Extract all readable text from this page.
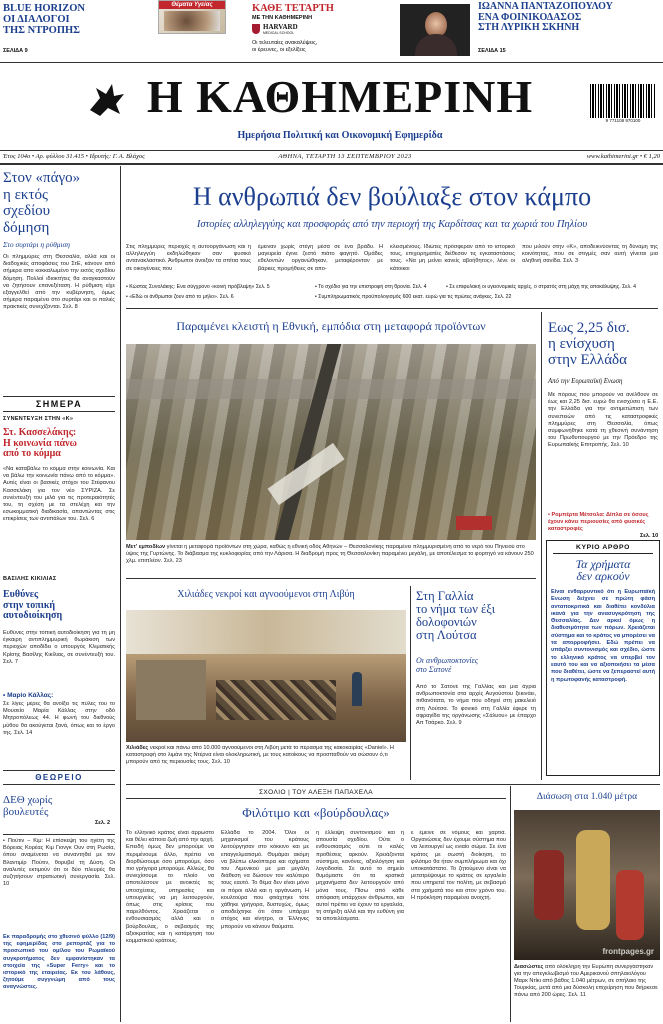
BLUE HORIZON
ΟΙ ΔΙΑΛΟΓΟΙ
ΤΗΣ ΝΤΡΟΠΗΣ
ΣΕΛΙΔΑ 9
Θέματα Υγείας	ΚΑΘΕ ΤΕΤΑΡΤΗ
ΜΕ ΤΗΝ ΚΑΘΗΜΕΡΙΝΗ
HARVARD
MEDICAL SCHOOL
Οι τελευταίες ανακαλύψεις,
οι έρευνες, οι εξελίξεις
ΙΩΑΝΝΑ ΠΑΝΤΑΖΟΠΟΥΛΟΥ
ΕΝΑ ΦΟΙΝΙΚΟΔΑΣΟΣ
ΣΤΗ ΛΥΡΙΚΗ ΣΚΗΝΗ
ΣΕΛΙΔΑ 15
Η ΚΑΘΗΜΕΡΙΝΗ
Ημερήσια Πολιτική και Οικονομική Εφημερίδα
9 771108 970100
Έτος 104ο • Αρ. φύλλου 31.415 • Ιδρυτής: Γ. Α. Βλάχος	ΑΘΗΝΑ, ΤΕΤΑΡΤΗ 13 ΣΕΠΤΕΜΒΡΙΟΥ 2023	www.kathimerini.gr • € 1,20
Στον «πάγο»
η εκτός
σχεδίου
δόμηση
Στο συρτάρι η ρύθμιση
Οι πλημμύρες στη Θεσσαλία, αλλά και οι διαδοχικές αποφάσεις του ΣτΕ, κάνουν από σήμερα απο κοκκαλωμένο την εκτός σχεδίου δόμηση. Πολλοί ιδιοκτήτες θα αναγκαστούν να ζητήσουν επανεξέταση. Η ρύθμιση είχε εξαγγελθεί από την κυβέρνηση, όμως σήμερα παραμένει στο συρτάρι και οι παλιές πρακτικές συνεχίζονται. Σελ. 8
ΣΗΜΕΡΑ
ΣΥΝΕΝΤΕΥΞΗ ΣΤΗΝ «Κ»
Στ. Κασσελάκης:
Η κοινωνία πάνω
από το κόμμα
«Να καταβάλω το κόμμα στην κοινωνία. Και να βάλω την κοινωνία πάνω από το κόμμα». Αυτές είναι οι βασικές στόχοι του Στέφανου Κασσελάκη για τον νέο ΣΥΡΙΖΑ. Σε συνέντευξή του μιλά για τις προτεραιότητές του, τη σχέση με τα στελέχη και την εσωκομματική διαδικασία, απαντώντας στις επικρίσεις των αντιπάλων του. Σελ. 6
ΒΑΣΙΛΗΣ ΚΙΚΙΛΙΑΣ
Ευθύνες
στην τοπική
αυτοδιοίκηση
Ευθύνες στην τοπική αυτοδιοίκηση για τη μη έγκαιρη αντιπλημμυρική θωράκιση των περιοχών αποδίδει ο υπουργός Κλιματικής Κρίσης Βασίλης Κικίλιας, σε συνέντευξή του. Σελ. 7
• Μαρίο Κάλλας:
Σε λίγες μέρες θα ανοίξει τις πύλες του το Μουσείο Μαρία Κάλλας στην οδό Μητροπόλεως 44. Η φωνή του διεθνούς μύθου θα ακούγεται ξανά, όπως και το έργο της. Σελ. 14
ΘΕΩΡΕΙΟ
ΔΕΘ χωρίς
βουλευτές
Σελ. 2
• Πούτιν – Κιμ: Η επίσκεψη του ηγέτη της Βόρειας Κορέας Κιμ Γιονγκ Ουν στη Ρωσία, όπου αναμένεται να συναντηθεί με τον Βλαντιμίρ Πούτιν, θορυβεί τη Δύση. Οι αναλυτές εκτιμούν ότι οι δύο πλευρές θα συζητήσουν στρατιωτική συνεργασία. Σελ. 10
Εκ παραδρομής στο χθεσινό φύλλο (12/9) της εφημερίδας στο ρεπορτάζ για το προσωπικό του ομίλου του Ρωμαϊκού συγκροτήματος δεν εμφανίστηκαν τα στοιχεία της «Super Ferry» και το ιστορικό της εταιρείας. Εκ του λάθους, ζητούμε συγγνώμη από τους αναγνώστες.
Η ανθρωπιά δεν βούλιαξε στον κάμπο
Ιστορίες αλληλεγγύης και προσφοράς από την περιοχή της Καρδίτσας και τα χωριά του Πηλίου
Στις πλημμύρες περιοχές η αυτοοργάνωση και η αλληλεγγύη εκδηλώθηκαν σαν φυσικό αντανακλαστικό. Άνθρωποι άνοιξαν τα σπίτια τους σε οικογένειες που
έμειναν χωρίς στέγη μέσα σε ένα βράδυ. Η μαγειρεία έγινε ζεστό πιάτο φαγητό. Ομάδες εθελοντών οργανώθηκαν, μεταφέρονταν με βάρκες προμήθειες σε απο-
κλεισμένους. Ιδιώτες πρόσφεραν από το ιστορικό τους, επιχειρηματίες διέθεσαν τις εγκαταστάσεις τους. «Να μη μείνει κανείς αβοήθητος», λένε οι κάτοικοι
που μιλούν στην «Κ», αποδεικνύοντας τη δύναμη της κοινότητας, που σε στιγμές σαν αυτή γίνεται μια αληθινή σανίδα. Σελ. 3
• Κώστας Συνολάκης: Ενα σύγχρονο «κοινή πρόβλεψη» Σελ. 5	• Το σχέδιο για την επιστροφή στη θρονία. Σελ. 4	• Σε επιφυλακή οι υγειονομικές αρχές, ο στρατός στη μάχη της αποκάλυψης. Σελ. 4
• «Εδώ οι άνθρωποι ζουν από το μήλο». Σελ. 6	• Συμπληρωματικός προϋπολογισμός 600 εκατ. ευρώ για τις πρώτες ανάγκες. Σελ. 22
Παραμένει κλειστή η Εθνική, εμπόδια στη μεταφορά προϊόντων
Μετ' εμποδίων γίνεται η μεταφορά προϊόντων στη χώρα, καθώς η εθνική οδός Αθηνών – Θεσσαλονίκης παραμένει πλημμυρισμένη από το νερό του Πηνειού στο ύψος της Γυρτώνης. Το διάβασμα της κυκλοφορίας από την Λάρισα. Η διαδρομή προς τη Θεσσαλονίκη παραμένει μεγάλη, με αποτέλεσμα το φορτηγό να κάνουν 250 χλμ. επιπλέον. Σελ. 23
Χιλιάδες νεκροί και αγνοούμενοι στη Λιβύη
Χιλιάδες νεκροί και πάνω από 10.000 αγνοούμενοι στη Λιβύη μετά το πέρασμα της κακοκαιρίας «Daniel». Η καταστροφή στο λιμάνι της Ντέρνα είναι ολοκληρωτική, με τους κατοίκους να προσπαθούν να σώσουν ό,τι μπορούν από τις περιουσίες τους. Σελ. 10
Στη Γαλλία
το νήμα των έξι
δολοφονιών
στη Λούτσα
Οι ανθρωποκτονίες
στο Σατονέ
Από το Σατονέ της Γαλλίας και μια άγρια ανθρωποκτονία στα αρχές Αυγούστου ξεκινάει, πιθανότατα, το νήμα που οδηγεί στη μακελειό στη Λούτσα. Το φονικό στη Γαλλία έφερε τη σφραγίδα της οργάνωσης «Σάλυου» με έπαρχο Απ Τσάρκο. Σελ. 9
Εως 2,25 δισ.
η ενίσχυση
στην Ελλάδα
Από την Ευρωπαϊκή Ενωση
Με πόρους που μπορούν να ανέλθουν σε έως και 2,25 δισ. ευρώ θα ενισχύσει η Ε.Ε. την Ελλάδα για την αντιμετώπιση των συνεπειών από τις καταστροφικές πλημμύρες στη Θεσσαλία, όπως συμφωνήθηκε κατά τη χθεσινή συνάντηση του Πρωθυπουργού με την Πρόεδρο της Ευρωπαϊκής Επιτροπής. Σελ. 10
• Ρομπέρτα Μέτσολα: Δίπλα σε όσους έχουν κάνει περιουσίες από φυσικές καταστροφές
Σελ. 10
ΚΥΡΙΟ ΑΡΘΡΟ
Τα χρήματα
δεν αρκούν
Είναι ενθαρρυντικό ότι η Ευρωπαϊκή Ενωση δείχνει σε πρώτη φάση ανταποκριτικά και διαθέτει κονδύλια ικανά για την ανασυγκρότηση της Θεσσαλίας. Δεν αρκεί όμως η διαθεσιμότητα των πόρων. Χρειάζεται σύστημα και το κράτος να μπορέσει να τα απορροφήσει. Εδώ πρέπει να υπάρξει συντονισμός και σχέδιο, ώστε το ελληνικό κράτος να υπερβεί τον εαυτό του και να αξιοποιήσει τα μέσα που διαθέτει, ώστε να ξεπεραστεί αυτή η πρωτοφανής καταστροφή.
ΣΧΟΛΙΟ | ΤΟΥ ΑΛΕΞΗ ΠΑΠΑΧΕΛΑ
Φιλότιμο και «βούρδουλας»
Το ελληνικό κράτος είναι άρρωστο και θέλει κάποια ζωή από την αρχή. Επειδή όμως δεν μπορούμε να περιμένουμε άλλο, πρέπει να διορθώσουμε όσο μπορούμε, όσο πιο γρήγορα μπορούμε. Αλλιώς, θα συνεχίσουμε το πλοίο να αποτελέσουν με ανοικτές τις υποσχέσεις, υπηρεσίες και υπουργείες να μη λειτουργούν, όπως στις κρίσεις του παρελθόντος. Χρειάζεται ο ενθουσιασμός αλλά και ο βούρδουλας, ο σεβασμός της αξιοκρατίας και η κατάργηση του κομματικού κράτους.
Ελλάδα το 2004. Όλοι οι μηχανισμοί του κράτους λειτούργησαν στο κόκκινο και με επαγγελματισμό. Θυμάμαι ακόμη να βλέπω ελικόπτερα και οχήματα του Λιμενικού με μια μεγάλη διάθεση να δώσουν τον καλύτερο τους εαυτό. Το θέμα δεν είναι μόνο οι πόροι αλλά και η οργάνωση. Η κουλτούρα που φτιάχτηκε τότε χάθηκε γρήγορα, δυστυχώς, όμως αποδείχτηκε ότι όταν υπάρχει στόχος και κίνητρο, οι Έλληνες μπορούν να κάνουν θαύματα.
η έλλειψη συντονισμού και η απουσία σχεδίου. Ούτε ο ενθουσιασμός ούτε οι καλές προθέσεις αρκούν. Χρειάζονται σύστημα, κανόνες, αξιολόγηση και λογοδοσία. Σε αυτό το σημείο θυμόμαστε ότι τα κρατικά μηχανήματα δεν λειτουργούν από μόνα τους. Πίσω από κάθε απόφαση υπάρχουν άνθρωποι, και αυτοί πρέπει να έχουν τα εργαλεία, τη στήριξη αλλά και την ευθύνη για τα αποτελέσματα.
ε έμεινε σε νόμους και χαρτιά. Οργανώσεις δεν έχουμε σύστημα που να λειτουργεί ως ενιαίο σώμα. Σε ένα κράτος με σωστή διοίκηση, το φιλότιμο θα ήταν συμπλήρωμα και όχι υποκατάστατο. Το ζητούμενο είναι να μετατρέψουμε το κράτος σε εργαλείο που υπηρετεί τον πολίτη, με σεβασμό στα χρήματά του και στον χρόνο του. Η πρόκληση παραμένει ανοιχτή.
Διάσωση στα 1.040 μέτρα
frontpages.gr
Διασώστες από ολόκληρη την Ευρώπη συνεργάστηκαν για την απεγκλωβισμό του Αμερικανού σπηλαιολόγου Μαρκ Ντίκι από βάθος 1.040 μέτρων, σε σπήλαιο της Τουρκίας, μετά από μια δύσκολη επιχείρηση που διήρκεσε πάνω από 200 ώρες. Σελ. 11
